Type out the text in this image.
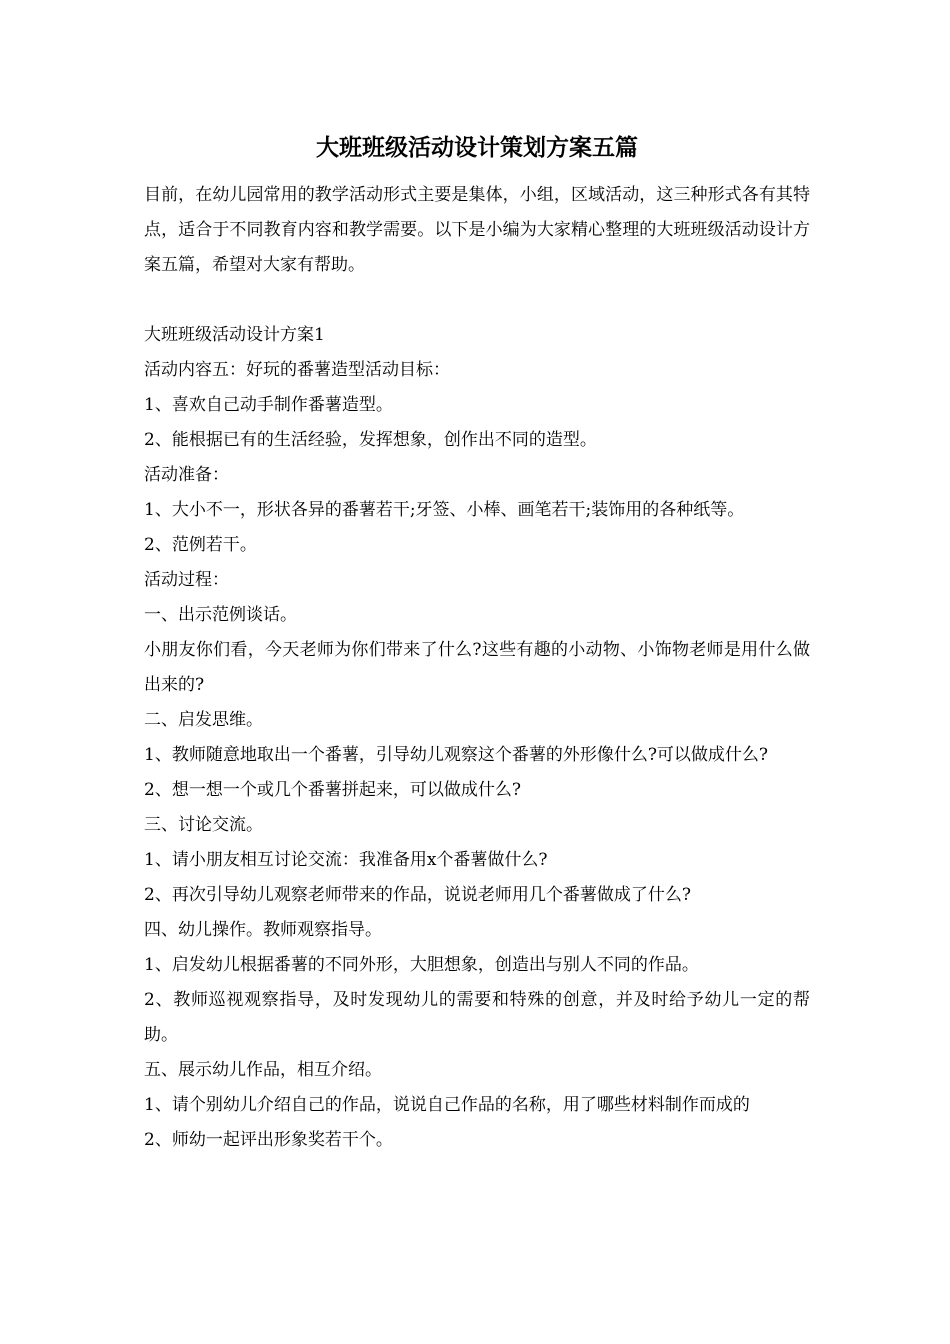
大班班级活动设计策划方案五篇

目前，在幼儿园常用的教学活动形式主要是集体，小组，区域活动，这三种形式各有其特点，适合于不同教育内容和教学需要。以下是小编为大家精心整理的大班班级活动设计方案五篇，希望对大家有帮助。

大班班级活动设计方案1

活动内容五：好玩的番薯造型活动目标：

1、喜欢自己动手制作番薯造型。

2、能根据已有的生活经验，发挥想象，创作出不同的造型。

活动准备：

1、大小不一，形状各异的番薯若干;牙签、小棒、画笔若干;装饰用的各种纸等。

2、范例若干。

活动过程：

一、出示范例谈话。

小朋友你们看，今天老师为你们带来了什么?这些有趣的小动物、小饰物老师是用什么做出来的?

二、启发思维。

1、教师随意地取出一个番薯，引导幼儿观察这个番薯的外形像什么?可以做成什么?

2、想一想一个或几个番薯拼起来，可以做成什么?

三、讨论交流。

1、请小朋友相互讨论交流：我准备用x个番薯做什么?

2、再次引导幼儿观察老师带来的作品，说说老师用几个番薯做成了什么?

四、幼儿操作。教师观察指导。

1、启发幼儿根据番薯的不同外形，大胆想象，创造出与别人不同的作品。

2、教师巡视观察指导，及时发现幼儿的需要和特殊的创意，并及时给予幼儿一定的帮助。

五、展示幼儿作品，相互介绍。

1、请个别幼儿介绍自己的作品，说说自己作品的名称，用了哪些材料制作而成的

2、师幼一起评出形象奖若干个。
